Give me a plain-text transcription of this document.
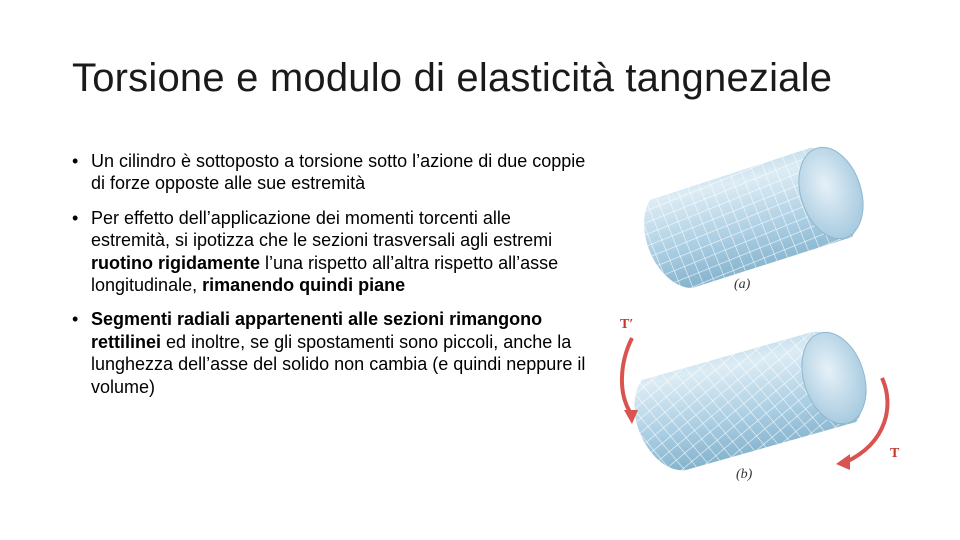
Torsione e modulo di elasticità tangneziale
• Un cilindro è sottoposto a torsione sotto l’azione di due coppie di forze opposte alle sue estremità
• Per effetto dell’applicazione dei momenti torcenti alle estremità, si ipotizza che le sezioni trasversali agli estremi ruotino rigidamente l’una rispetto all’altra rispetto all’asse longitudinale, rimanendo quindi piane
• Segmenti radiali appartenenti alle sezioni rimangono rettilinei ed inoltre, se gli spostamenti sono piccoli, anche la lunghezza dell’asse del solido non cambia (e quindi neppure il volume)
(a)
T′
T
(b)
